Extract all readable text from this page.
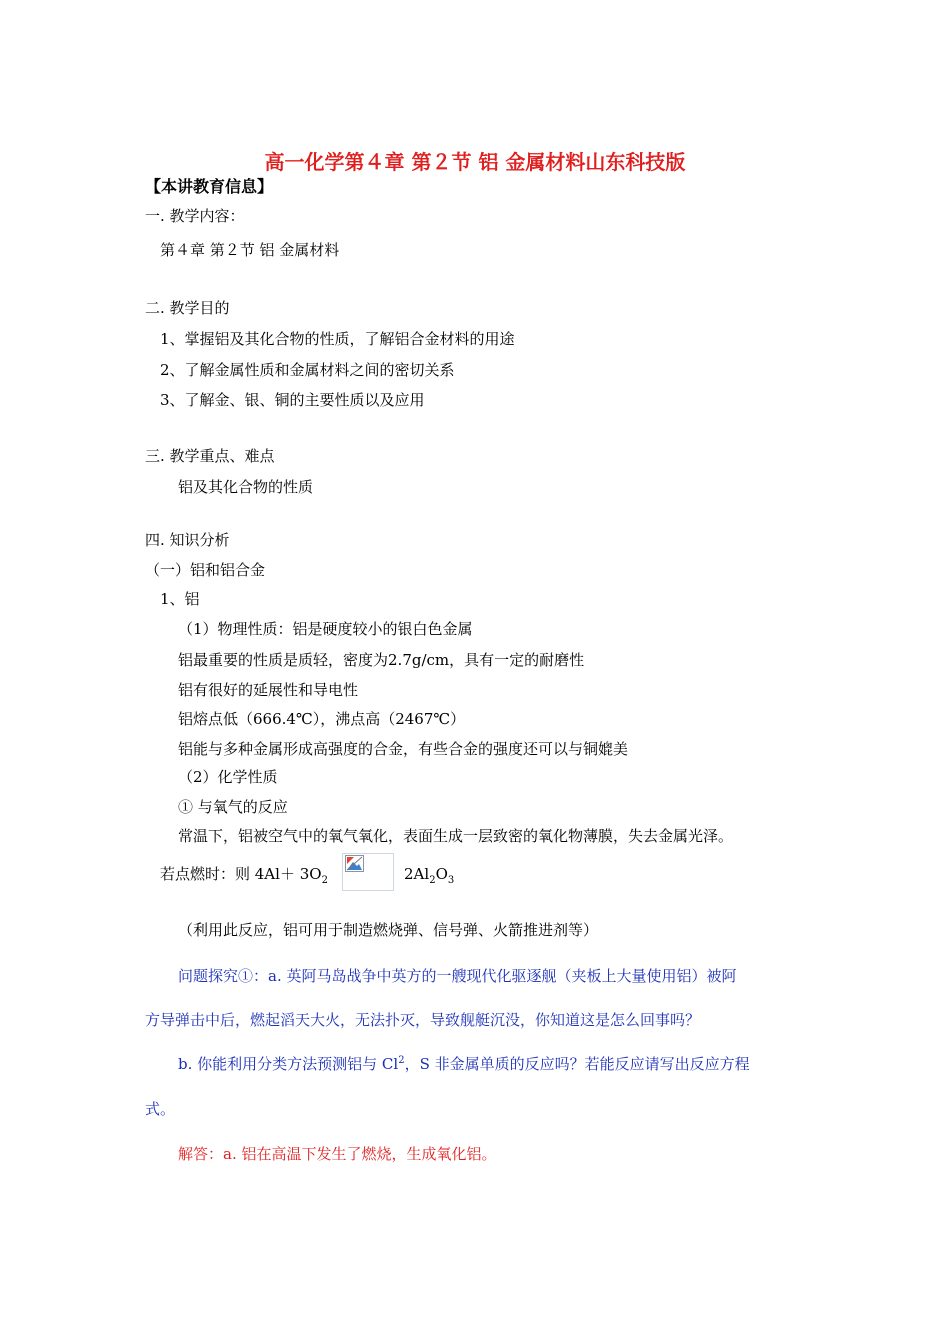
高一化学第４章 第２节 铝 金属材料山东科技版
【本讲教育信息】
一. 教学内容：
第４章 第２节 铝 金属材料
二. 教学目的
1、掌握铝及其化合物的性质，了解铝合金材料的用途
2、了解金属性质和金属材料之间的密切关系
3、了解金、银、铜的主要性质以及应用
三. 教学重点、难点
铝及其化合物的性质
四. 知识分析
（一）铝和铝合金
1、铝
（1）物理性质：铝是硬度较小的银白色金属
铝最重要的性质是质轻，密度为2.7g/cm，具有一定的耐磨性
铝有很好的延展性和导电性
铝熔点低（666.4℃），沸点高（2467℃）
铝能与多种金属形成高强度的合金，有些合金的强度还可以与铜媲美
（2）化学性质
① 与氧气的反应
常温下，铝被空气中的氧气氧化，表面生成一层致密的氧化物薄膜，失去金属光泽。
若点燃时：则 $4Al+ 3O_2$	$2Al_2O_3$
（利用此反应，铝可用于制造燃烧弹、信号弹、火箭推进剂等）
问题探究①：a. 英阿马岛战争中英方的一艘现代化驱逐舰（夹板上大量使用铝）被阿
方导弹击中后，燃起滔天大火，无法扑灭，导致舰艇沉没，你知道这是怎么回事吗？
b. 你能利用分类方法预测铝与 Cl$^2$，S 非金属单质的反应吗？若能反应请写出反应方程
式。
解答：a. 铝在高温下发生了燃烧，生成氧化铝。
